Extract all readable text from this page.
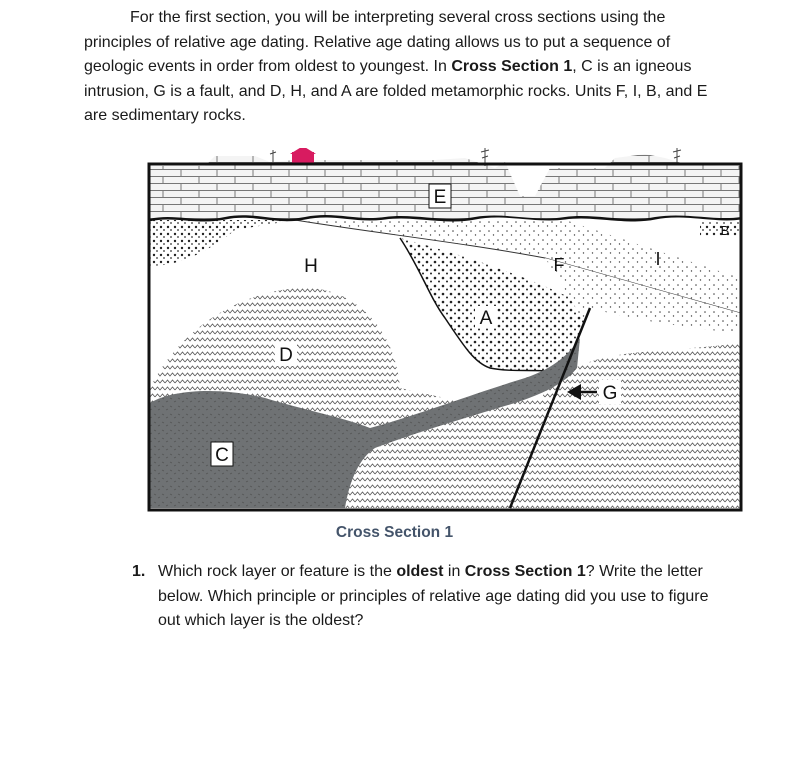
For the first section, you will be interpreting several cross sections using the principles of relative age dating. Relative age dating allows us to put a sequence of geologic events in order from oldest to youngest. In Cross Section 1, C is an igneous intrusion, G is a fault, and D, H, and A are folded metamorphic rocks. Units F, I, B, and E are sedimentary rocks.

E
B
H	F	I
A
D
G
C
Cross Section 1
1. Which rock layer or feature is the oldest in Cross Section 1? Write the letter below. Which principle or principles of relative age dating did you use to figure out which layer is the oldest?
